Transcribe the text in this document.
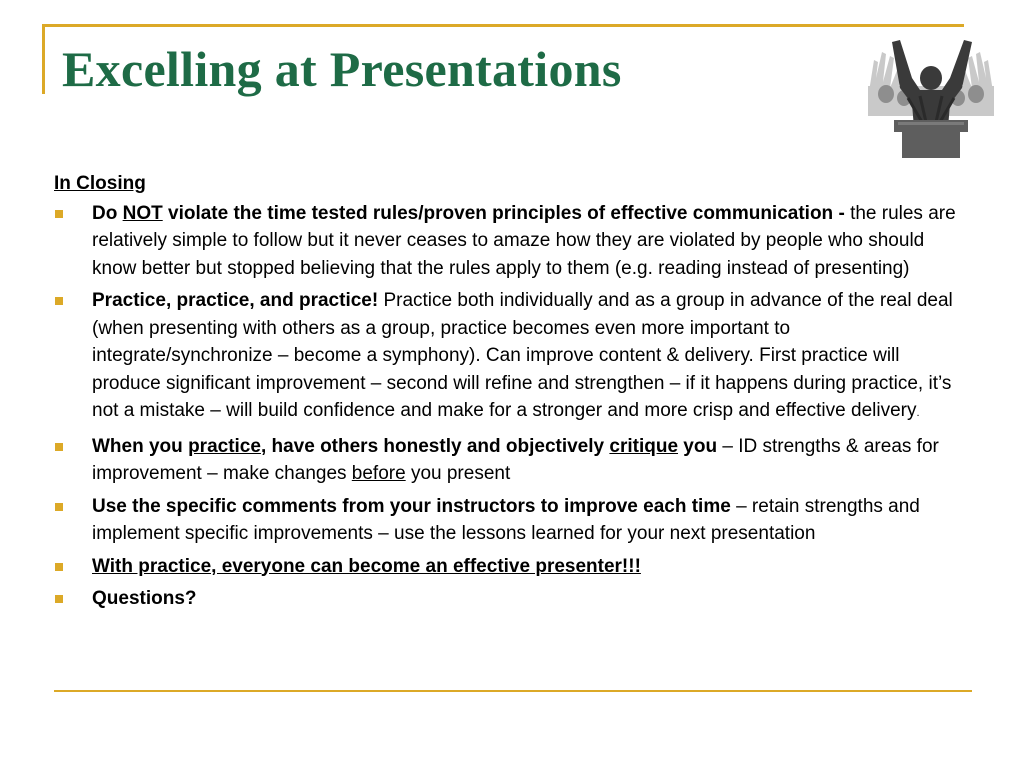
Excelling at Presentations
In Closing
Do NOT violate the time tested rules/proven principles of effective communication - the rules are relatively simple to follow but it never ceases to amaze how they are violated by people who should know better but stopped believing that the rules apply to them (e.g. reading instead of presenting)
Practice, practice, and practice! Practice both individually and as a group in advance of the real deal (when presenting with others as a group, practice becomes even more important to integrate/synchronize – become a symphony). Can improve content & delivery. First practice will produce significant improvement – second will refine and strengthen – if it happens during practice, it’s not a mistake – will build confidence and make for a stronger and more crisp and effective delivery.
When you practice, have others honestly and objectively critique you – ID strengths & areas for improvement – make changes before you present
Use the specific comments from your instructors to improve each time – retain strengths and implement specific improvements – use the lessons learned for your next presentation
With practice, everyone can become an effective presenter!!!
Questions?
